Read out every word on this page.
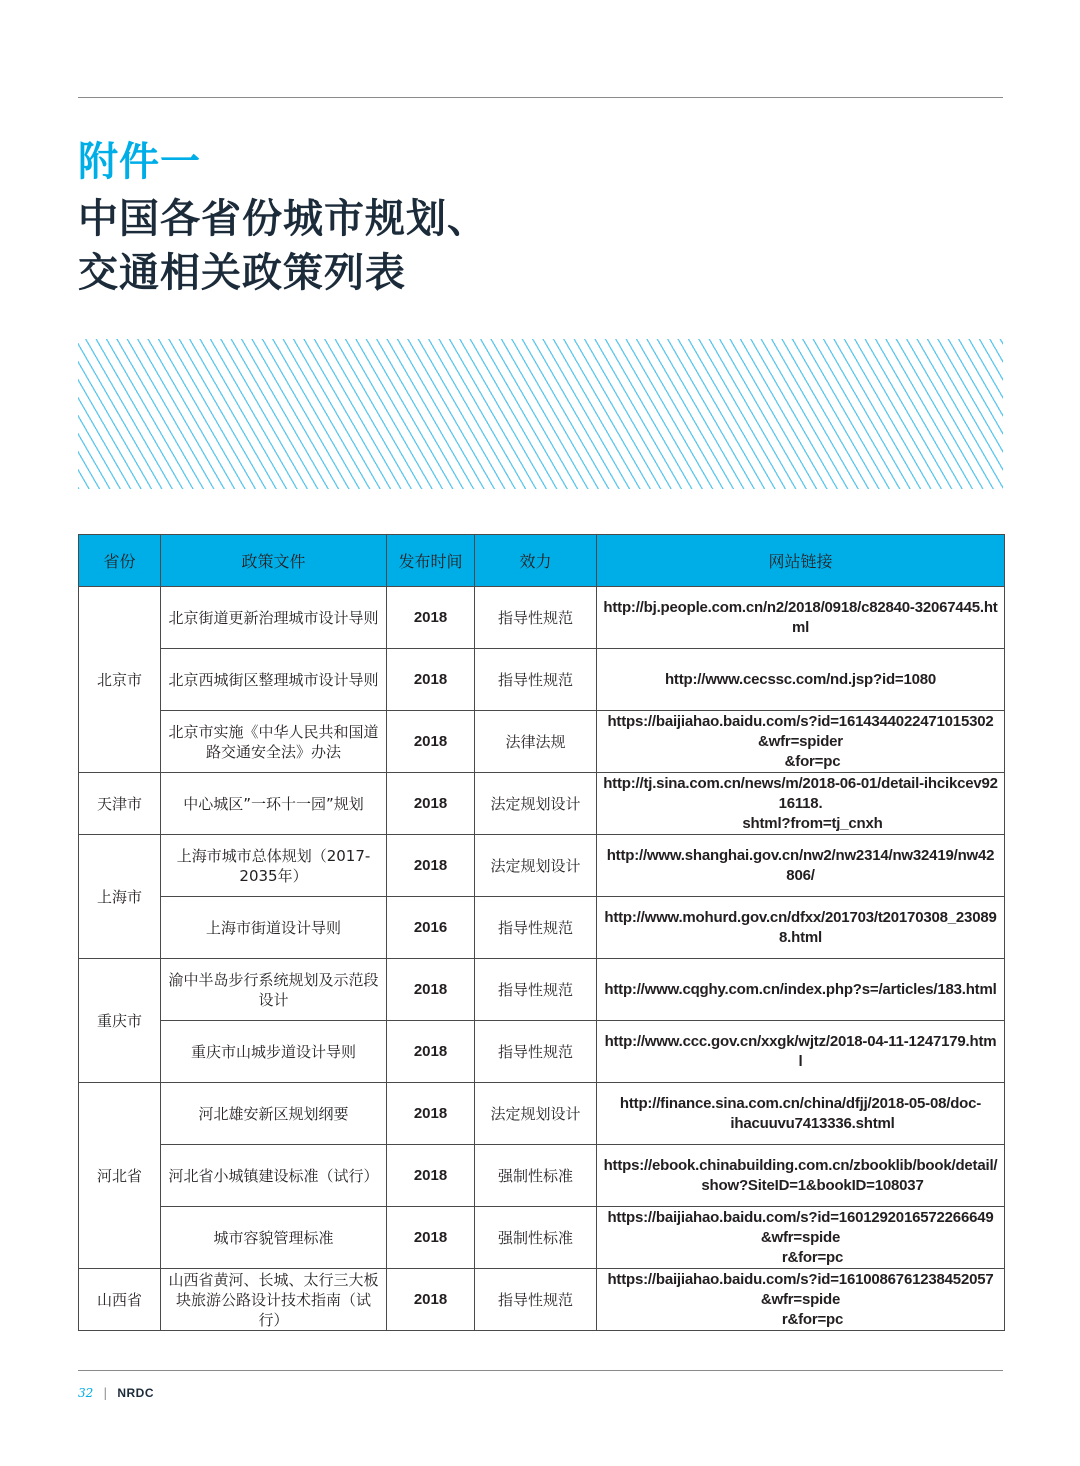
附件一
中国各省份城市规划、
交通相关政策列表
省份	政策文件	发布时间	效力	网站链接
北京市	北京街道更新治理城市设计导则	2018	指导性规范	http://bj.people.com.cn/n2/2018/0918/c82840-32067445.html
	北京西城街区整理城市设计导则	2018	指导性规范	http://www.cecssc.com/nd.jsp?id=1080
	北京市实施《中华人民共和国道路交通安全法》办法	2018	法律法规	https://baijiahao.baidu.com/s?id=1614344022471015302&wfr=spider
&for=pc

天津市	中心城区”一环十一园”规划	2018	法定规划设计	http://tj.sina.com.cn/news/m/2018-06-01/detail-ihcikcev9216118.
shtml?from=tj_cnxh

上海市	上海市城市总体规划（2017-2035年）	2018	法定规划设计	http://www.shanghai.gov.cn/nw2/nw2314/nw32419/nw42806/
	上海市街道设计导则	2016	指导性规范	http://www.mohurd.gov.cn/dfxx/201703/t20170308_230898.html
重庆市	渝中半岛步行系统规划及示范段设计	2018	指导性规范	http://www.cqghy.com.cn/index.php?s=/articles/183.html
	重庆市山城步道设计导则	2018	指导性规范	http://www.ccc.gov.cn/xxgk/wjtz/2018-04-11-1247179.html
河北省	河北雄安新区规划纲要	2018	法定规划设计	http://finance.sina.com.cn/china/dfjj/2018-05-08/doc-
ihacuuvu7413336.shtml

	河北省小城镇建设标准（试行）	2018	强制性标准	https://ebook.chinabuilding.com.cn/zbooklib/book/detail/
show?SiteID=1&bookID=108037

	城市容貌管理标准	2018	强制性标准	https://baijiahao.baidu.com/s?id=1601292016572266649&wfr=spide
r&for=pc

山西省	山西省黄河、长城、太行三大板块旅游公路设计技术指南（试行）	2018	指导性规范	https://baijiahao.baidu.com/s?id=1610086761238452057&wfr=spide
r&for=pc
32 | NRDC
